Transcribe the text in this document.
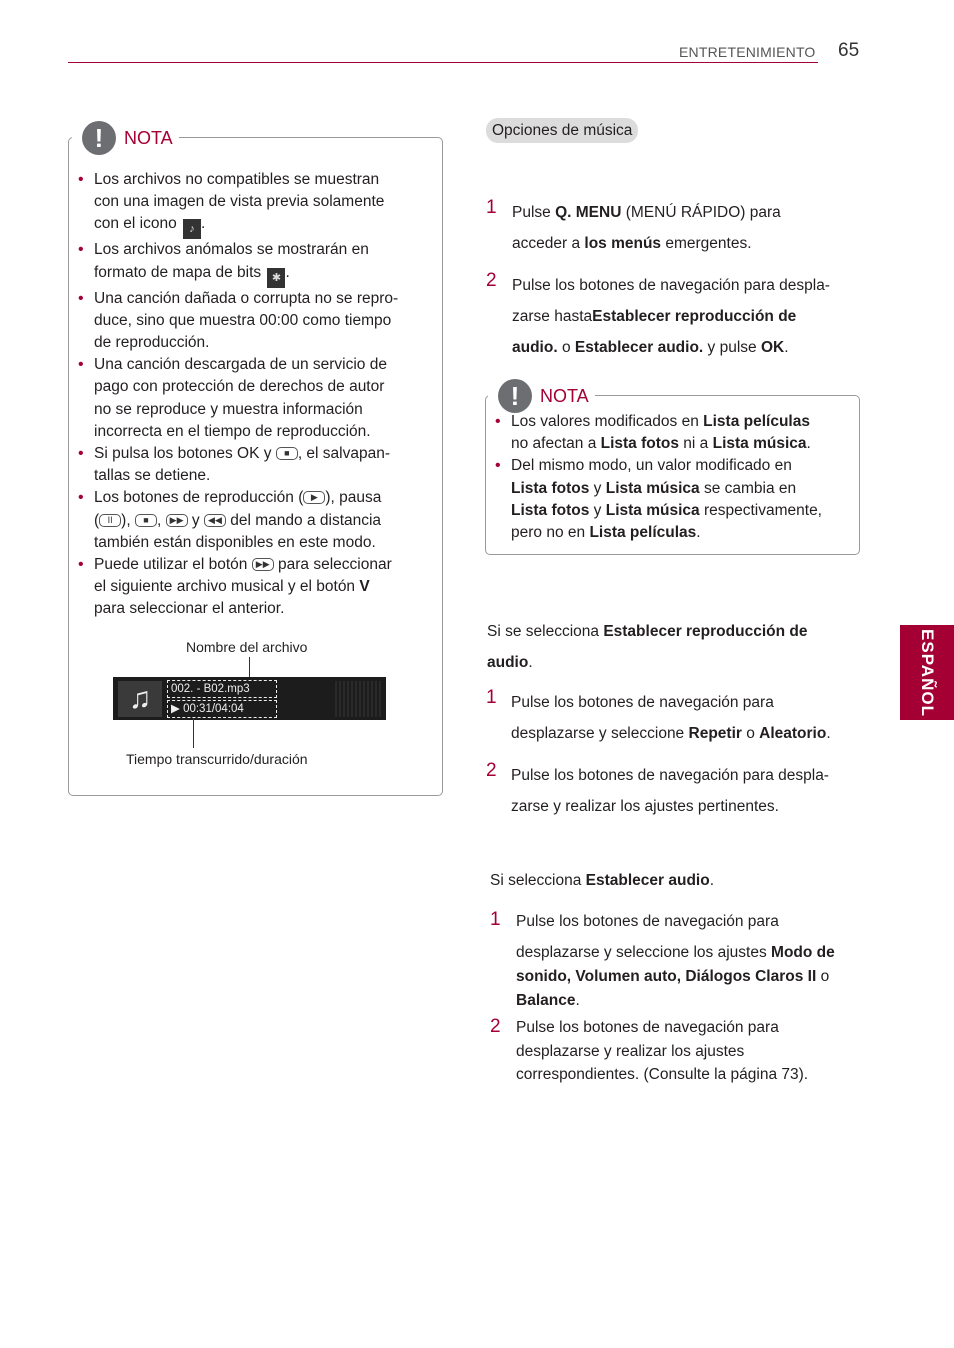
ENTRETENIMIENTO 65
ESPAÑOL
!	NOTA
• Los archivos no compatibles se muestran
con una imagen de vista previa solamente
con el icono ♪ .
• Los archivos anómalos se mostrarán en
formato de mapa de bits ✱ .
• Una canción dañada o corrupta no se repro-
duce, sino que muestra 00:00 como tiempo
de reproducción.
• Una canción descargada de un servicio de
pago con protección de derechos de autor
no se reproduce y muestra información
incorrecta en el tiempo de reproducción.
• Si pulsa los botones OK y ■ , el salvapan-
tallas se detiene.
• Los botones de reproducción ( ▶ ), pausa
( II ), ■ , ▶▶ y ◀◀ del mando a distancia
también están disponibles en este modo.
• Puede utilizar el botón ▶▶ para seleccionar
el siguiente archivo musical y el botón V
para seleccionar el anterior.
Nombre del archivo
♫	002. - B02.mp3
▶ 00:31/04:04
Tiempo transcurrido/duración
Opciones de música
1 Pulse Q. MENU (MENÚ RÁPIDO) para
acceder a los menús emergentes.
2 Pulse los botones de navegación para despla-
zarse hastaEstablecer reproducción de
audio. o Establecer audio. y pulse OK.
!	NOTA
• Los valores modificados en Lista películas
no afectan a Lista fotos ni a Lista música.
• Del mismo modo, un valor modificado en
Lista fotos y Lista música se cambia en
Lista fotos y Lista música respectivamente,
pero no en Lista películas.
Si se selecciona Establecer reproducción de
audio.
1 Pulse los botones de navegación para
desplazarse y seleccione Repetir o Aleatorio.
2 Pulse los botones de navegación para despla-
zarse y realizar los ajustes pertinentes.
Si selecciona Establecer audio.
1 Pulse los botones de navegación para
desplazarse y seleccione los ajustes Modo de
sonido, Volumen auto, Diálogos Claros II o
Balance.
2 Pulse los botones de navegación para
desplazarse y realizar los ajustes
correspondientes. (Consulte la página 73).
